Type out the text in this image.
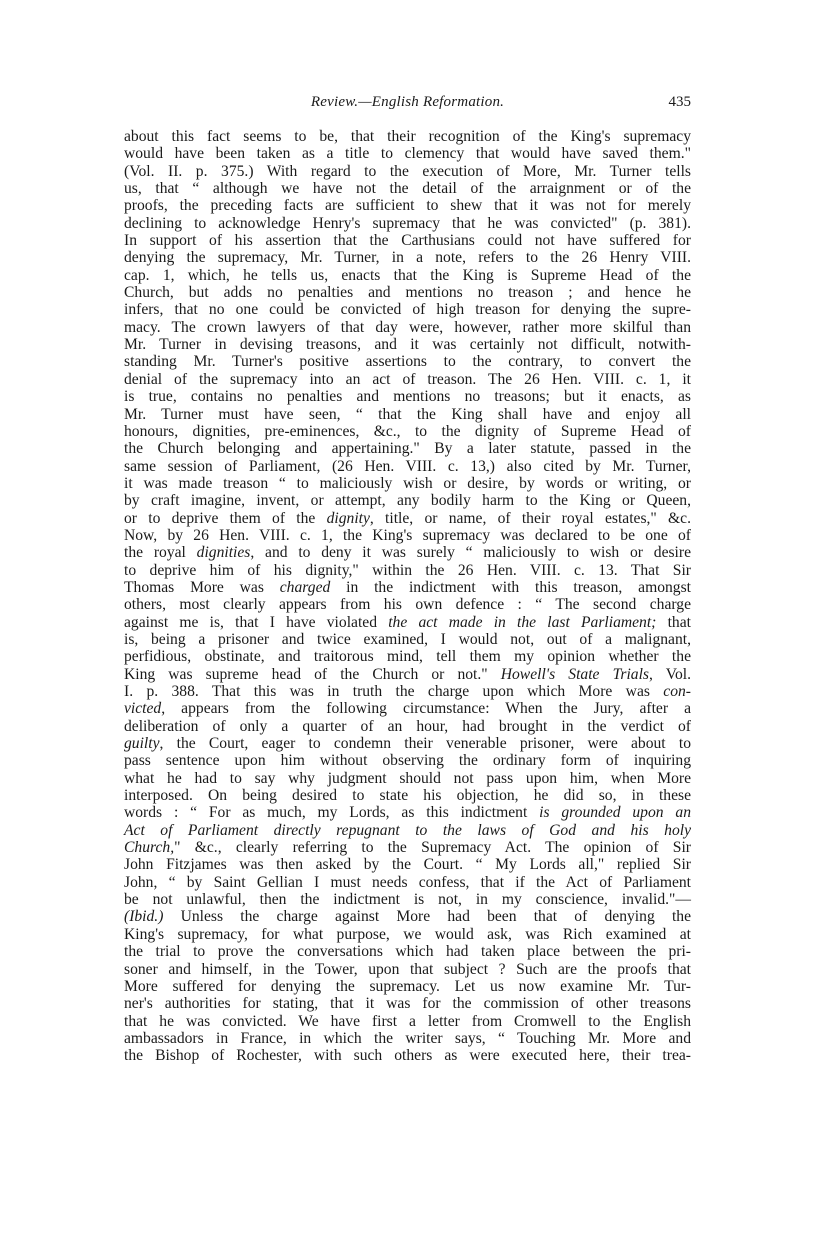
Review.—English Reformation.	435
about this fact seems to be, that their recognition of the King's supremacy
would have been taken as a title to clemency that would have saved them."
(Vol. II. p. 375.) With regard to the execution of More, Mr. Turner tells
us, that “ although we have not the detail of the arraignment or of the
proofs, the preceding facts are sufficient to shew that it was not for merely
declining to acknowledge Henry's supremacy that he was convicted" (p. 381).
In support of his assertion that the Carthusians could not have suffered for
denying the supremacy, Mr. Turner, in a note, refers to the 26 Henry VIII.
cap. 1, which, he tells us, enacts that the King is Supreme Head of the
Church, but adds no penalties and mentions no treason ; and hence he
infers, that no one could be convicted of high treason for denying the supre-
macy. The crown lawyers of that day were, however, rather more skilful than
Mr. Turner in devising treasons, and it was certainly not difficult, notwith-
standing Mr. Turner's positive assertions to the contrary, to convert the
denial of the supremacy into an act of treason. The 26 Hen. VIII. c. 1, it
is true, contains no penalties and mentions no treasons; but it enacts, as
Mr. Turner must have seen, “ that the King shall have and enjoy all
honours, dignities, pre-eminences, &c., to the dignity of Supreme Head of
the Church belonging and appertaining." By a later statute, passed in the
same session of Parliament, (26 Hen. VIII. c. 13,) also cited by Mr. Turner,
it was made treason “ to maliciously wish or desire, by words or writing, or
by craft imagine, invent, or attempt, any bodily harm to the King or Queen,
or to deprive them of the dignity, title, or name, of their royal estates," &c.
Now, by 26 Hen. VIII. c. 1, the King's supremacy was declared to be one of
the royal dignities, and to deny it was surely “ maliciously to wish or desire
to deprive him of his dignity," within the 26 Hen. VIII. c. 13. That Sir
Thomas More was charged in the indictment with this treason, amongst
others, most clearly appears from his own defence : “ The second charge
against me is, that I have violated the act made in the last Parliament; that
is, being a prisoner and twice examined, I would not, out of a malignant,
perfidious, obstinate, and traitorous mind, tell them my opinion whether the
King was supreme head of the Church or not." Howell's State Trials, Vol.
I. p. 388. That this was in truth the charge upon which More was con-
victed, appears from the following circumstance: When the Jury, after a
deliberation of only a quarter of an hour, had brought in the verdict of
guilty, the Court, eager to condemn their venerable prisoner, were about to
pass sentence upon him without observing the ordinary form of inquiring
what he had to say why judgment should not pass upon him, when More
interposed. On being desired to state his objection, he did so, in these
words : “ For as much, my Lords, as this indictment is grounded upon an
Act of Parliament directly repugnant to the laws of God and his holy
Church," &c., clearly referring to the Supremacy Act. The opinion of Sir
John Fitzjames was then asked by the Court. “ My Lords all," replied Sir
John, “ by Saint Gellian I must needs confess, that if the Act of Parliament
be not unlawful, then the indictment is not, in my conscience, invalid."—
(Ibid.) Unless the charge against More had been that of denying the
King's supremacy, for what purpose, we would ask, was Rich examined at
the trial to prove the conversations which had taken place between the pri-
soner and himself, in the Tower, upon that subject ? Such are the proofs that
More suffered for denying the supremacy. Let us now examine Mr. Tur-
ner's authorities for stating, that it was for the commission of other treasons
that he was convicted. We have first a letter from Cromwell to the English
ambassadors in France, in which the writer says, “ Touching Mr. More and
the Bishop of Rochester, with such others as were executed here, their trea-
